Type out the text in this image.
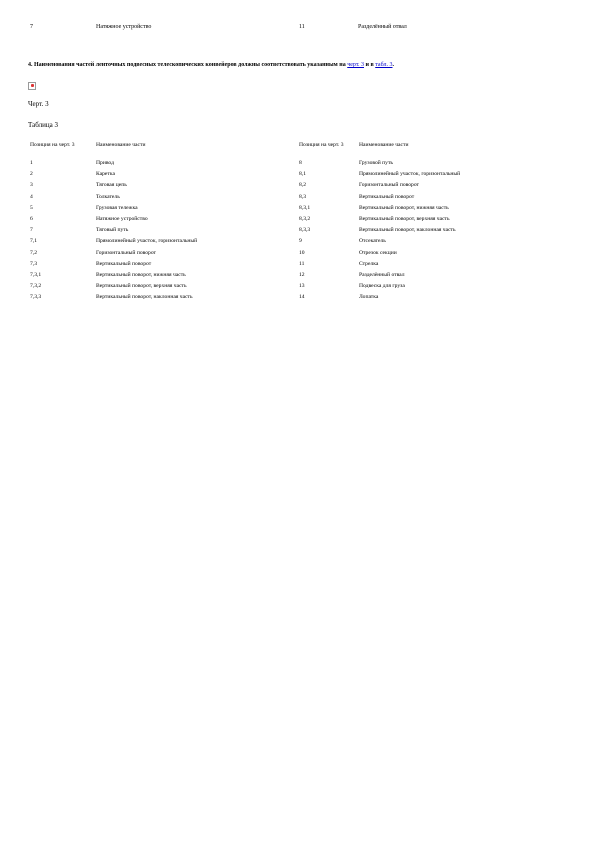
7	Натяжное устройство	11	Разделённый отвал
4. Наименования частей ленточных подвесных телескопических конвейеров должны соответствовать указанным на черт. 3 и в табл. 3.
Черт. 3
Таблица 3
Позиция на черт. 3	Наименование части	Позиция на черт. 3	Наименование части
1	Привод	8	Грузовой путь
2	Каретка	8,1	Прямолинейный участок, горизонтальный
3	Тяговая цепь	8,2	Горизонтальный поворот
4	Толкатель	8,3	Вертикальный поворот
5	Грузовая тележка	8,3,1	Вертикальный поворот, нижняя часть
6	Натяжное устройство	8,3,2	Вертикальный поворот, верхняя часть
7	Тяговый путь	8,3,3	Вертикальный поворот, наклонная часть
7,1	Прямолинейный участок, горизонтальный	9	Отсекатель
7,2	Горизонтальный поворот	10	Отрезок секции
7,3	Вертикальный поворот	11	Стрелка
7,3,1	Вертикальный поворот, нижняя часть	12	Разделённый отвал
7,3,2	Вертикальный поворот, верхняя часть	13	Подвеска для груза
7,3,3	Вертикальный поворот, наклонная часть	14	Лопатка
